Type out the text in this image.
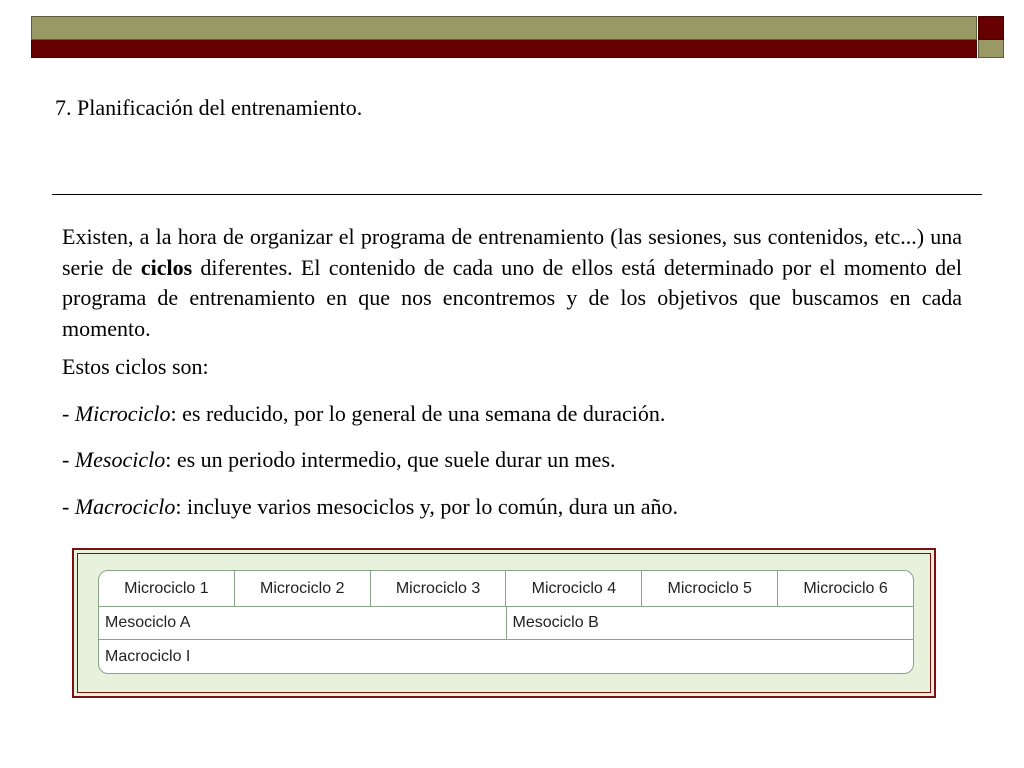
7. Planificación del entrenamiento.

Existen, a la hora de organizar el programa de entrenamiento (las sesiones, sus contenidos, etc...) una serie de ciclos diferentes. El contenido de cada uno de ellos está determinado por el momento del programa de entrenamiento en que nos encontremos y de los objetivos que buscamos en cada momento.

Estos ciclos son:

- Microciclo: es reducido, por lo general de una semana de duración.

- Mesociclo: es un periodo intermedio, que suele durar un mes.

- Macrociclo: incluye varios mesociclos y, por lo común, dura un año.

Microciclo 1	Microciclo 2	Microciclo 3	Microciclo 4	Microciclo 5	Microciclo 6
Mesociclo A	Mesociclo B
Macrociclo I
